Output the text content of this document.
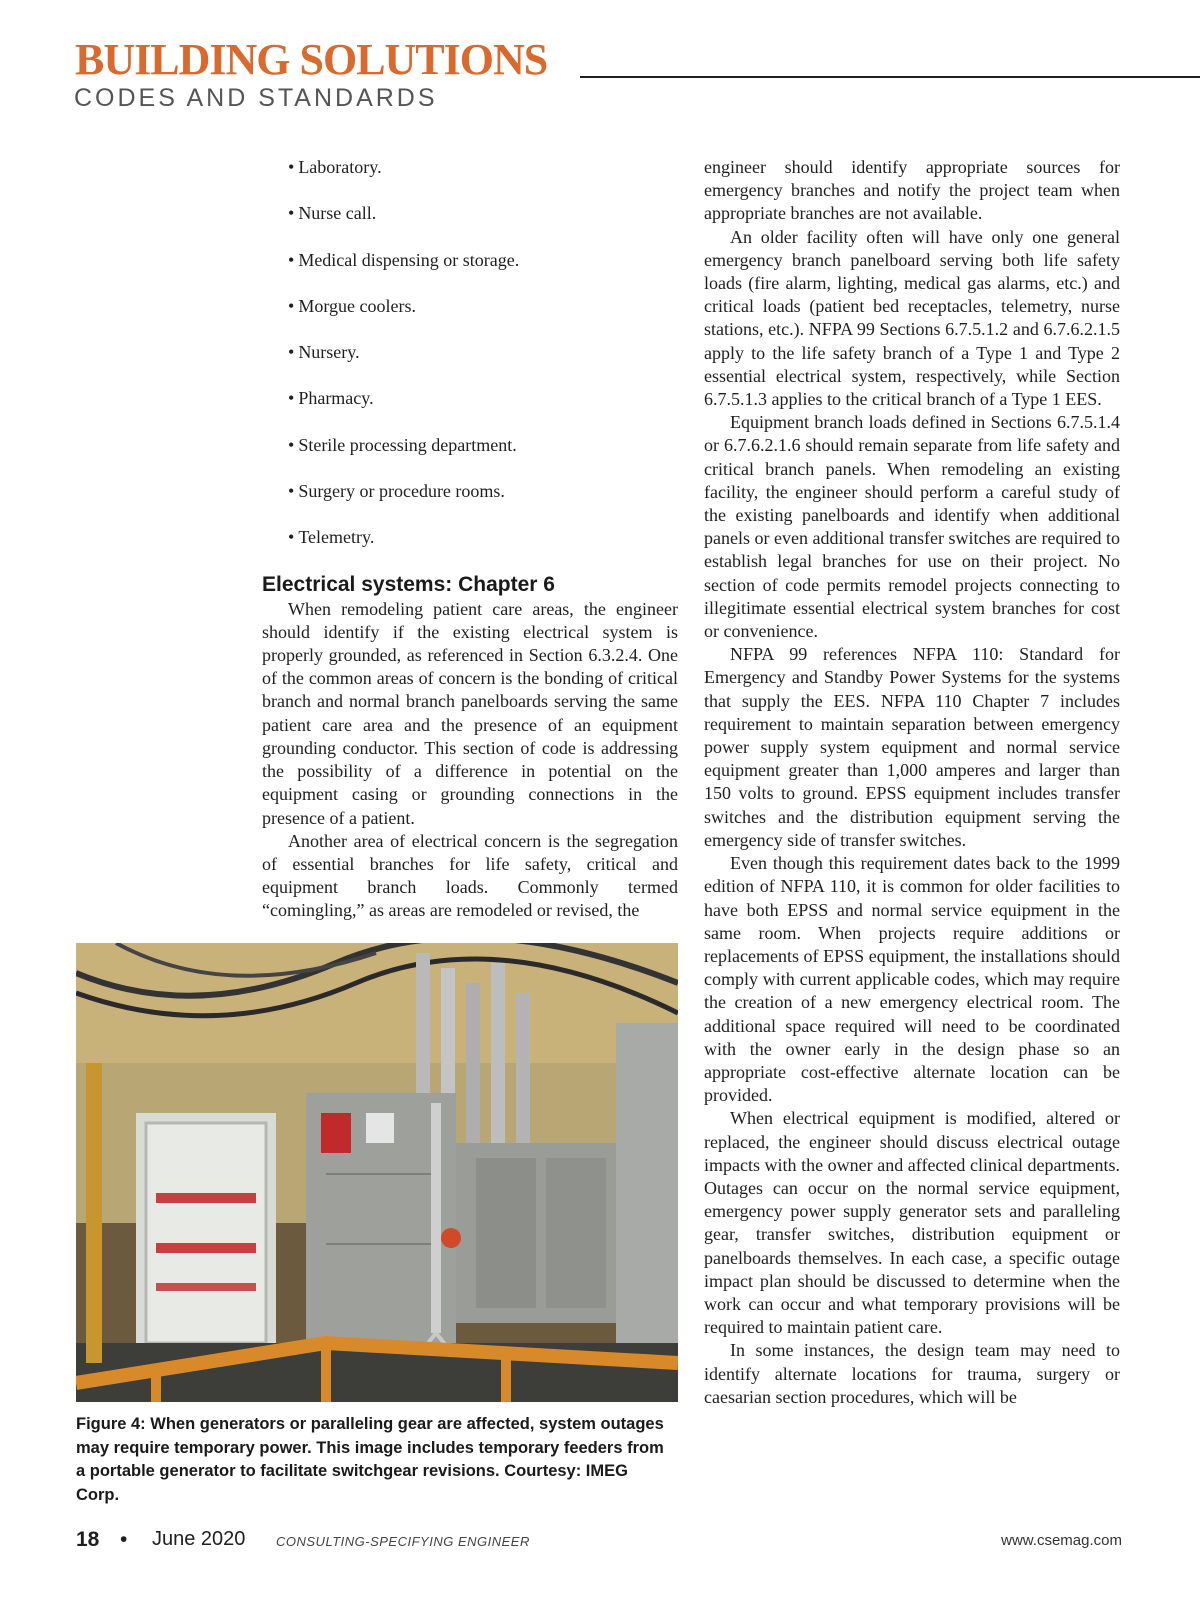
BUILDING SOLUTIONS
CODES AND STANDARDS
• Laboratory.
• Nurse call.
• Medical dispensing or storage.
• Morgue coolers.
• Nursery.
• Pharmacy.
• Sterile processing department.
• Surgery or procedure rooms.
• Telemetry.
Electrical systems: Chapter 6

When remodeling patient care areas, the engineer should identify if the existing electrical system is properly grounded, as referenced in Section 6.3.2.4. One of the common areas of concern is the bonding of critical branch and normal branch panelboards serving the same patient care area and the presence of an equipment grounding conductor. This section of code is addressing the possibility of a difference in potential on the equipment casing or grounding connections in the presence of a patient.

Another area of electrical concern is the segregation of essential branches for life safety, critical and equipment branch loads. Commonly termed “comingling,” as areas are remodeled or revised, the

Figure 4: When generators or paralleling gear are affected, system outages may require temporary power. This image includes temporary feeders from a portable generator to facilitate switchgear revisions. Courtesy: IMEG Corp.

engineer should identify appropriate sources for emergency branches and notify the project team when appropriate branches are not available.

An older facility often will have only one general emergency branch panelboard serving both life safety loads (fire alarm, lighting, medical gas alarms, etc.) and critical loads (patient bed receptacles, telemetry, nurse stations, etc.). NFPA 99 Sections 6.7.5.1.2 and 6.7.6.2.1.5 apply to the life safety branch of a Type 1 and Type 2 essential electrical system, respectively, while Section 6.7.5.1.3 applies to the critical branch of a Type 1 EES.

Equipment branch loads defined in Sections 6.7.5.1.4 or 6.7.6.2.1.6 should remain separate from life safety and critical branch panels. When remodeling an existing facility, the engineer should perform a careful study of the existing panelboards and identify when additional panels or even additional transfer switches are required to establish legal branches for use on their project. No section of code permits remodel projects connecting to illegitimate essential electrical system branches for cost or convenience.

NFPA 99 references NFPA 110: Standard for Emergency and Standby Power Systems for the systems that supply the EES. NFPA 110 Chapter 7 includes requirement to maintain separation between emergency power supply system equipment and normal service equipment greater than 1,000 amperes and larger than 150 volts to ground. EPSS equipment includes transfer switches and the distribution equipment serving the emergency side of transfer switches.

Even though this requirement dates back to the 1999 edition of NFPA 110, it is common for older facilities to have both EPSS and normal service equipment in the same room. When projects require additions or replacements of EPSS equipment, the installations should comply with current applicable codes, which may require the creation of a new emergency electrical room. The additional space required will need to be coordinated with the owner early in the design phase so an appropriate cost-effective alternate location can be provided.

When electrical equipment is modified, altered or replaced, the engineer should discuss electrical outage impacts with the owner and affected clinical departments. Outages can occur on the normal service equipment, emergency power supply generator sets and paralleling gear, transfer switches, distribution equipment or panelboards themselves. In each case, a specific outage impact plan should be discussed to determine when the work can occur and what temporary provisions will be required to maintain patient care.

In some instances, the design team may need to identify alternate locations for trauma, surgery or caesarian section procedures, which will be

18 • June 2020 CONSULTING-SPECIFYING ENGINEER	www.csemag.com
